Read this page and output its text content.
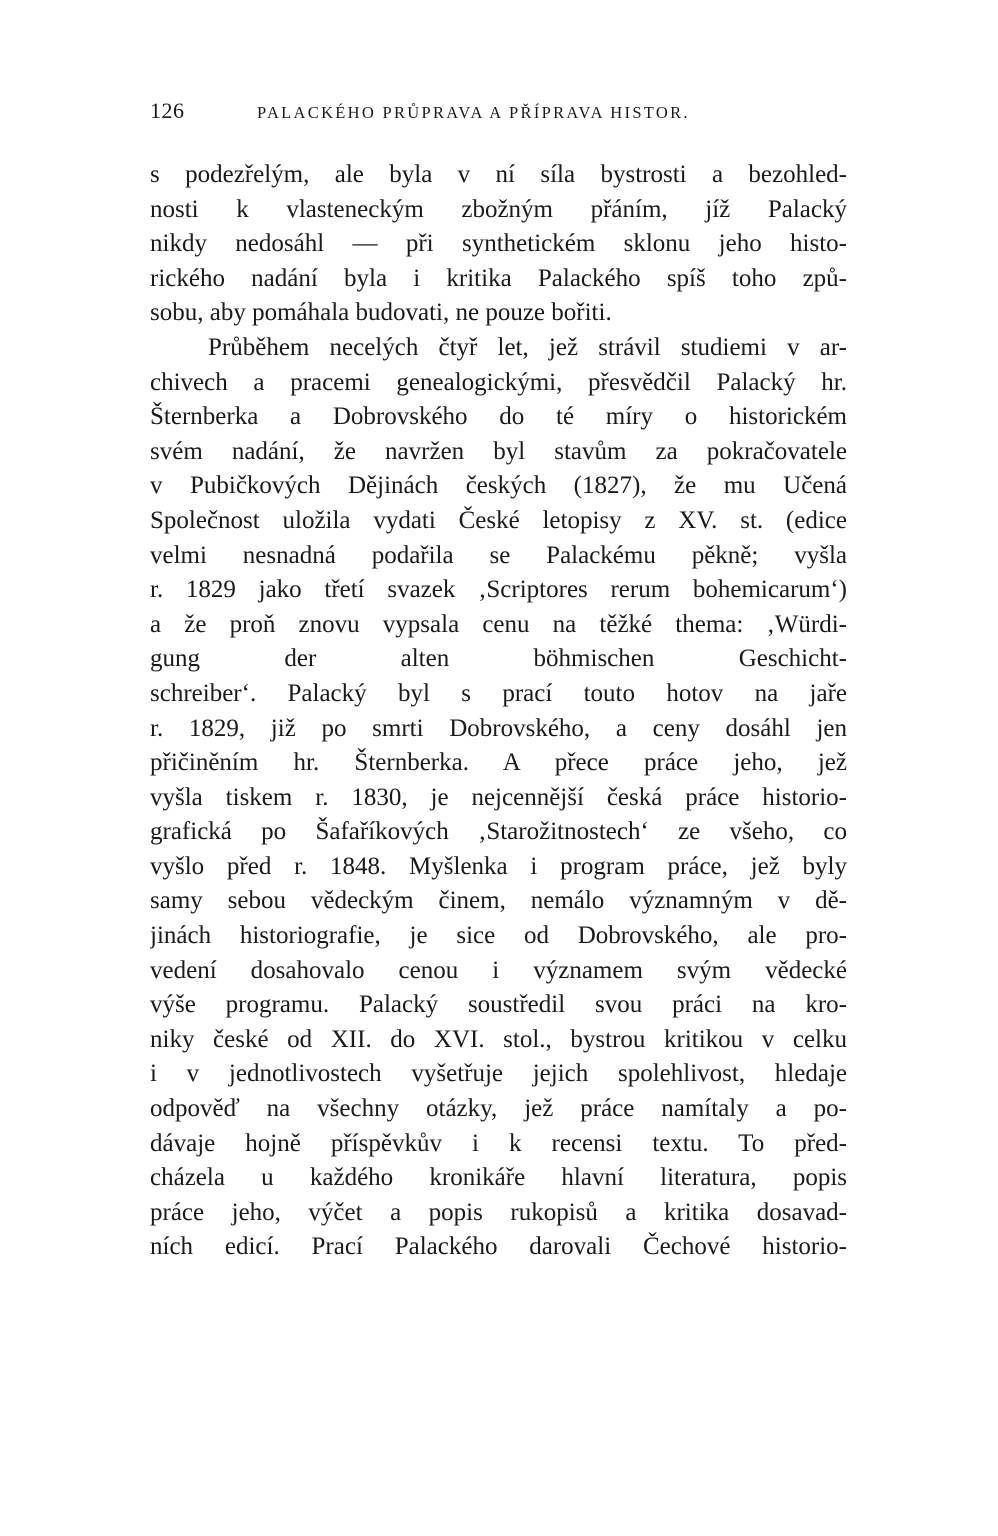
126	PALACKÉHO PRŮPRAVA A PŘÍPRAVA HISTOR.
s podezřelým, ale byla v ní síla bystrosti a bezohled-
nosti k vlasteneckým zbožným přáním, jíž Palacký
nikdy nedosáhl — při synthetickém sklonu jeho histo-
rického nadání byla i kritika Palackého spíš toho způ-
sobu, aby pomáhala budovati, ne pouze bořiti.
Průběhem necelých čtyř let, jež strávil studiemi v ar-
chivech a pracemi genealogickými, přesvědčil Palacký hr.
Šternberka a Dobrovského do té míry o historickém
svém nadání, že navržen byl stavům za pokračovatele
v Pubičkových Dějinách českých (1827), že mu Učená
Společnost uložila vydati České letopisy z XV. st. (edice
velmi nesnadná podařila se Palackému pěkně; vyšla
r. 1829 jako třetí svazek ‚Scriptores rerum bohemicarum‘)
a že proň znovu vypsala cenu na těžké thema: ‚Würdi-
gung der alten böhmischen Geschicht-
schreiber‘. Palacký byl s prací touto hotov na jaře
r. 1829, již po smrti Dobrovského, a ceny dosáhl jen
přičiněním hr. Šternberka. A přece práce jeho, jež
vyšla tiskem r. 1830, je nejcennější česká práce historio-
grafická po Šafaříkových ‚Starožitnostech‘ ze všeho, co
vyšlo před r. 1848. Myšlenka i program práce, jež byly
samy sebou vědeckým činem, nemálo významným v dě-
jinách historiografie, je sice od Dobrovského, ale pro-
vedení dosahovalo cenou i významem svým vědecké
výše programu. Palacký soustředil svou práci na kro-
niky české od XII. do XVI. stol., bystrou kritikou v celku
i v jednotlivostech vyšetřuje jejich spolehlivost, hledaje
odpověď na všechny otázky, jež práce namítaly a po-
dávaje hojně příspěvkův i k recensi textu. To před-
cházela u každého kronikáře hlavní literatura, popis
práce jeho, výčet a popis rukopisů a kritika dosavad-
ních edicí. Prací Palackého darovali Čechové historio-
